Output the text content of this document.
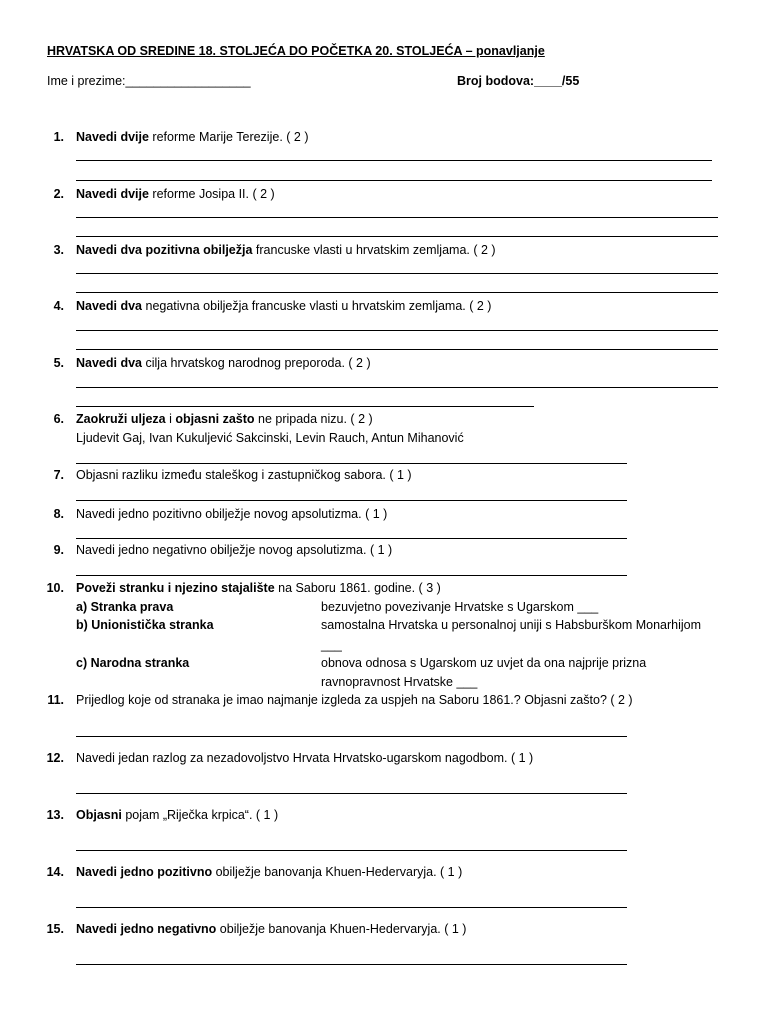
HRVATSKA OD SREDINE 18. STOLJEĆA DO POČETKA 20. STOLJEĆA – ponavljanje
Ime i prezime:__________________	Broj bodova:____/55
1. Navedi dvije reforme Marije Terezije. ( 2 )
2. Navedi dvije reforme Josipa II. ( 2 )
3. Navedi dva pozitivna obilježja francuske vlasti u hrvatskim zemljama. ( 2 )
4. Navedi dva negativna obilježja francuske vlasti u hrvatskim zemljama. ( 2 )
5. Navedi dva cilja hrvatskog narodnog preporoda. ( 2 )
6. Zaokruži uljeza i objasni zašto ne pripada nizu. ( 2 )
Ljudevit Gaj, Ivan Kukuljević Sakcinski, Levin Rauch, Antun Mihanović
7. Objasni razliku između staleškog i zastupničkog sabora. ( 1 )
8. Navedi jedno pozitivno obilježje novog apsolutizma. ( 1 )
9. Navedi jedno negativno obilježje novog apsolutizma. ( 1 )
10. Poveži stranku i njezino stajalište na Saboru 1861. godine. ( 3 )
a) Stranka prava	bezuvjetno povezivanje Hrvatske s Ugarskom ___
b) Unionistička stranka	samostalna Hrvatska u personalnoj uniji s Habsburškom Monarhijom
___
c) Narodna stranka	obnova odnosa s Ugarskom uz uvjet da ona najprije prizna
ravnopravnost Hrvatske ___
11. Prijedlog koje od stranaka je imao najmanje izgleda za uspjeh na Saboru 1861.? Objasni zašto? ( 2 )
12. Navedi jedan razlog za nezadovoljstvo Hrvata Hrvatsko-ugarskom nagodbom. ( 1 )
13. Objasni pojam „Riječka krpica“. ( 1 )
14. Navedi jedno pozitivno obilježje banovanja Khuen-Hedervaryja. ( 1 )
15. Navedi jedno negativno obilježje banovanja Khuen-Hedervaryja. ( 1 )
